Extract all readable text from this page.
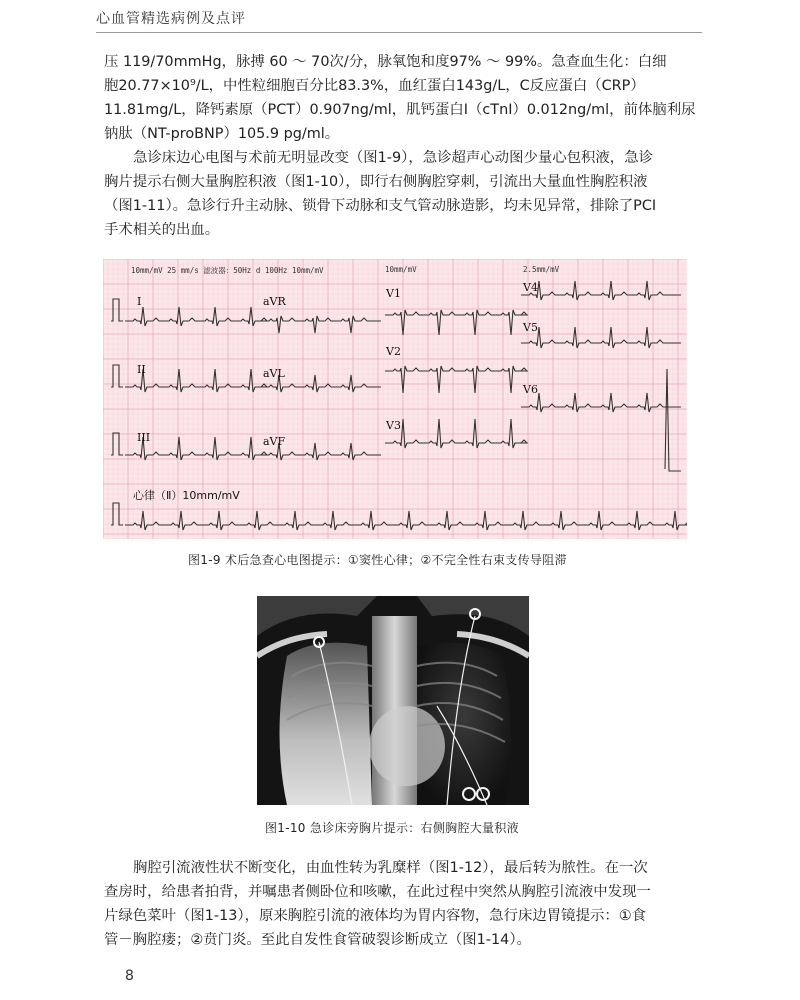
心血管精选病例及点评
压 119/70mmHg，脉搏 60 ～ 70次/分，脉氧饱和度97% ～ 99%。急查血生化：白细
胞20.77×10⁹/L，中性粒细胞百分比83.3%，血红蛋白143g/L，C反应蛋白（CRP）
11.81mg/L，降钙素原（PCT）0.907ng/ml，肌钙蛋白I（cTnI）0.012ng/ml，前体脑利尿
钠肽（NT-proBNP）105.9 pg/ml。
急诊床边心电图与术前无明显改变（图1-9），急诊超声心动图少量心包积液，急诊
胸片提示右侧大量胸腔积液（图1-10），即行右侧胸腔穿刺，引流出大量血性胸腔积液
（图1-11）。急诊行升主动脉、锁骨下动脉和支气管动脉造影，均未见异常，排除了PCI
手术相关的出血。
10mm/mV 25 mm/s 滤波器：50Hz d 100Hz 10mm/mV	10mm/mV	2.5mm/mV
I	aVR
V1	V4
II	aVL
V2
V5
III	aVF
V3
V6
心律（Ⅱ）10mm/mV
图1-9 术后急查心电图提示：①窦性心律；②不完全性右束支传导阻滞
图1-10 急诊床旁胸片提示：右侧胸腔大量积液
胸腔引流液性状不断变化，由血性转为乳糜样（图1-12），最后转为脓性。在一次
查房时，给患者拍背，并嘱患者侧卧位和咳嗽，在此过程中突然从胸腔引流液中发现一
片绿色菜叶（图1-13），原来胸腔引流的液体均为胃内容物，急行床边胃镜提示：①食
管－胸腔瘘；②贲门炎。至此自发性食管破裂诊断成立（图1-14）。
8
